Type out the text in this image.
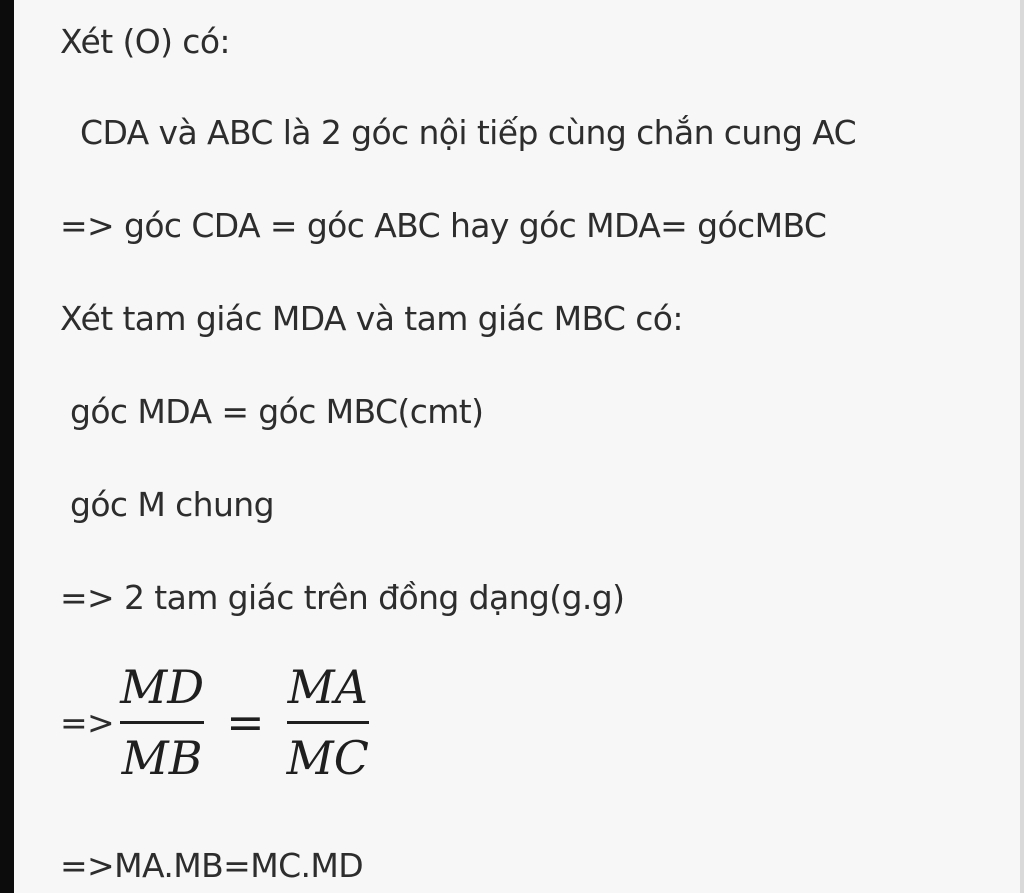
Xét (O) có:
CDA và ABC là 2 góc nội tiếp cùng chắn cung AC
=> góc CDA = góc ABC hay góc MDA= gócMBC
Xét tam giác MDA và tam giác MBC có:
góc MDA = góc MBC(cmt)
góc M chung
=> 2 tam giác trên đồng dạng(g.g)
=> $\frac{MD}{MB} = \frac{MA}{MC}$
=>MA.MB=MC.MD
